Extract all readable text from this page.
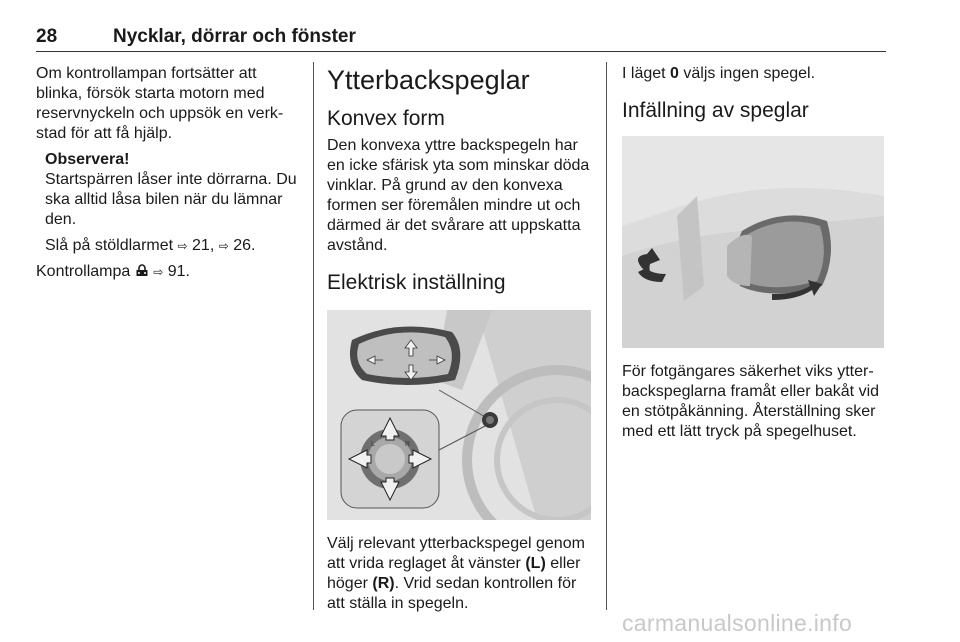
28	Nycklar, dörrar och fönster

Om kontrollampan fortsätter att blinka, försök starta motorn med reservnyckeln och uppsök en verk-stad för att få hjälp.

Observera!

Startspärren låser inte dörrarna. Du ska alltid låsa bilen när du lämnar den.

Slå på stöldlarmet ⇨ 21, ⇨ 26.

Kontrollampa ⇨ 91.

Ytterbackspeglar
Konvex form

Den konvexa yttre backspegeln har en icke sfärisk yta som minskar döda vinklar. På grund av den konvexa formen ser föremålen mindre ut och därmed är det svårare att uppskatta avstånd.

Elektrisk inställning
L	R

Välj relevant ytterbackspegel genom att vrida reglaget åt vänster (L) eller höger (R). Vrid sedan kontrollen för att ställa in spegeln.

I läget 0 väljs ingen spegel.

Infällning av speglar

För fotgängares säkerhet viks ytter-backspeglarna framåt eller bakåt vid en stötpåkänning. Återställning sker med ett lätt tryck på spegelhuset.

carmanualsonline.info
